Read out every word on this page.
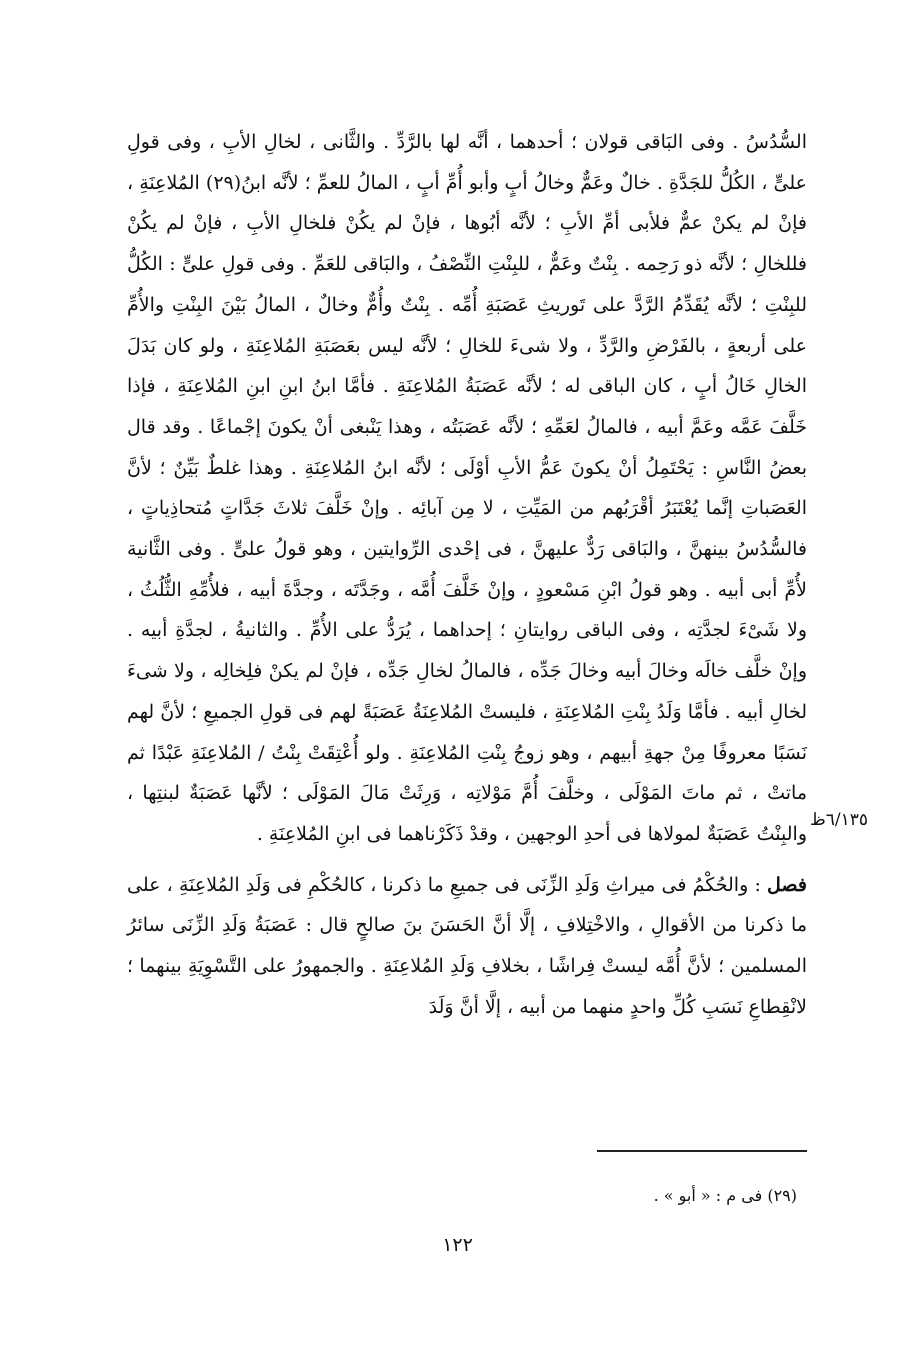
السُّدُسُ . وفى البَاقى قولان ؛ أحدهما ، أنَّه لها بالرَّدِّ . والثَّانى ، لخالِ الأبِ ، وفى قولِ علىٍّ ، الكُلُّ للجَدَّةِ . خالٌ وعَمٌّ وخالُ أبٍ وأبو أُمِّ أبٍ ، المالُ للعمِّ ؛ لأنَّه ابنُ(٢٩) المُلاعِنَةِ ، فإنْ لم يكنْ عمٌّ فلأبى أمِّ الأبِ ؛ لأنَّه أبُوها ، فإنْ لم يكُنْ فلخالِ الأبِ ، فإنْ لم يكُنْ فللخالِ ؛ لأنَّه ذو رَحِمه . بِنْتٌ وعَمٌّ ، للبِنْتِ النِّصْفُ ، والبَاقى للعَمِّ . وفى قولِ علىٍّ : الكُلُّ للبِنْتِ ؛ لأنَّه يُقَدِّمُ الرَّدَّ على تَوريثِ عَصَبَةِ أُمِّه . بِنْتٌ وأُمٌّ وخالٌ ، المالُ بَيْنَ البِنْتِ والأُمِّ على أربعةٍ ، بالفَرْضِ والرَّدِّ ، ولا شىءَ للخالِ ؛ لأنَّه ليس بعَصَبَةِ المُلاعِنَةِ ، ولو كان بَدَلَ الخالِ خَالُ أبٍ ، كان الباقى له ؛ لأنَّه عَصَبَةُ المُلاعِنَةِ . فأمَّا ابنُ ابنِ ابنِ المُلاعِنَةِ ، فإذا خَلَّفَ عَمَّه وعَمَّ أبيه ، فالمالُ لعَمِّهِ ؛ لأنَّه عَصَبَتُه ، وهذا يَنْبغى أنْ يكونَ إجْماعًا . وقد قال بعضُ النَّاسِ : يَحْتَمِلُ أنْ يكونَ عَمُّ الأبِ أوْلَى ؛ لأنَّه ابنُ المُلاعِنَةِ . وهذا غلطٌ بَيِّنٌ ؛ لأنَّ العَصَباتِ إنَّما يُعْتَبَرُ أقْرَبُهم من المَيِّتِ ، لا مِن آبائِه . وإنْ خَلَّفَ ثلاثَ جَدَّاتٍ مُتحاذِياتٍ ، فالسُّدُسُ بينهنَّ ، والبَاقى رَدٌّ عليهنَّ ، فى إحْدى الرِّوايتين ، وهو قولُ علىٍّ . وفى الثَّانية لأُمِّ أبى أبيه . وهو قولُ ابْنِ مَسْعودٍ ، وإنْ خَلَّفَ أُمَّه ، وجَدَّتَه ، وجدَّةَ أبيه ، فلأُمِّهِ الثُّلُثُ ، ولا شَىْءَ لجدَّتِه ، وفى الباقى روايتانِ ؛ إحداهما ، يُرَدُّ على الأُمِّ . والثانيةُ ، لجدَّةِ أبيه . وإنْ خلَّف خالَه وخالَ أبيه وخالَ جَدِّه ، فالمالُ لخالِ جَدِّه ، فإنْ لم يكنْ فلِخالِه ، ولا شىءَ لخالِ أبيه . فأمَّا وَلَدُ بِنْتِ المُلاعِنَةِ ، فليستْ المُلاعِنَةُ عَصَبَةً لهم فى قولِ الجميعِ ؛ لأنَّ لهم نَسَبًا معروفًا مِنْ جهةِ أبيهم ، وهو زوجُ بِنْتِ المُلاعِنَةِ . ولو أُعْتِقَتْ بِنْتُ / المُلاعِنَةِ عَبْدًا ثم ماتتْ ، ثم ماتَ المَوْلَى ، وخلَّفَ أُمَّ مَوْلاتِه ، وَرِثَتْ مَالَ المَوْلَى ؛ لأنَّها عَصَبَةٌ لبنتِها ، والبِنْتُ عَصَبَةٌ لمولاها فى أحدِ الوجهين ، وقدْ ذَكَرْناهما فى ابنِ المُلاعِنَةِ .

فصل : والحُكْمُ فى ميراثِ وَلَدِ الزِّنَى فى جميعِ ما ذكرنا ، كالحُكْمِ فى وَلَدِ المُلاعِنَةِ ، على ما ذكرنا من الأقوالِ ، والاخْتِلافِ ، إلَّا أنَّ الحَسَنَ بنَ صالحٍ قال : عَصَبَةُ وَلَدِ الزِّنَى سائرُ المسلمين ؛ لأنَّ أُمَّه ليستْ فِراشًا ، بخلافِ وَلَدِ المُلاعِنَةِ . والجمهورُ على التَّسْوِيَةِ بينهما ؛ لانْقِطاعِ نَسَبِ كُلِّ واحدٍ منهما من أبيه ، إلَّا أنَّ وَلَدَ

٦/١٣٥ظ
(٢٩) فى م : « أبو » .
١٢٢
